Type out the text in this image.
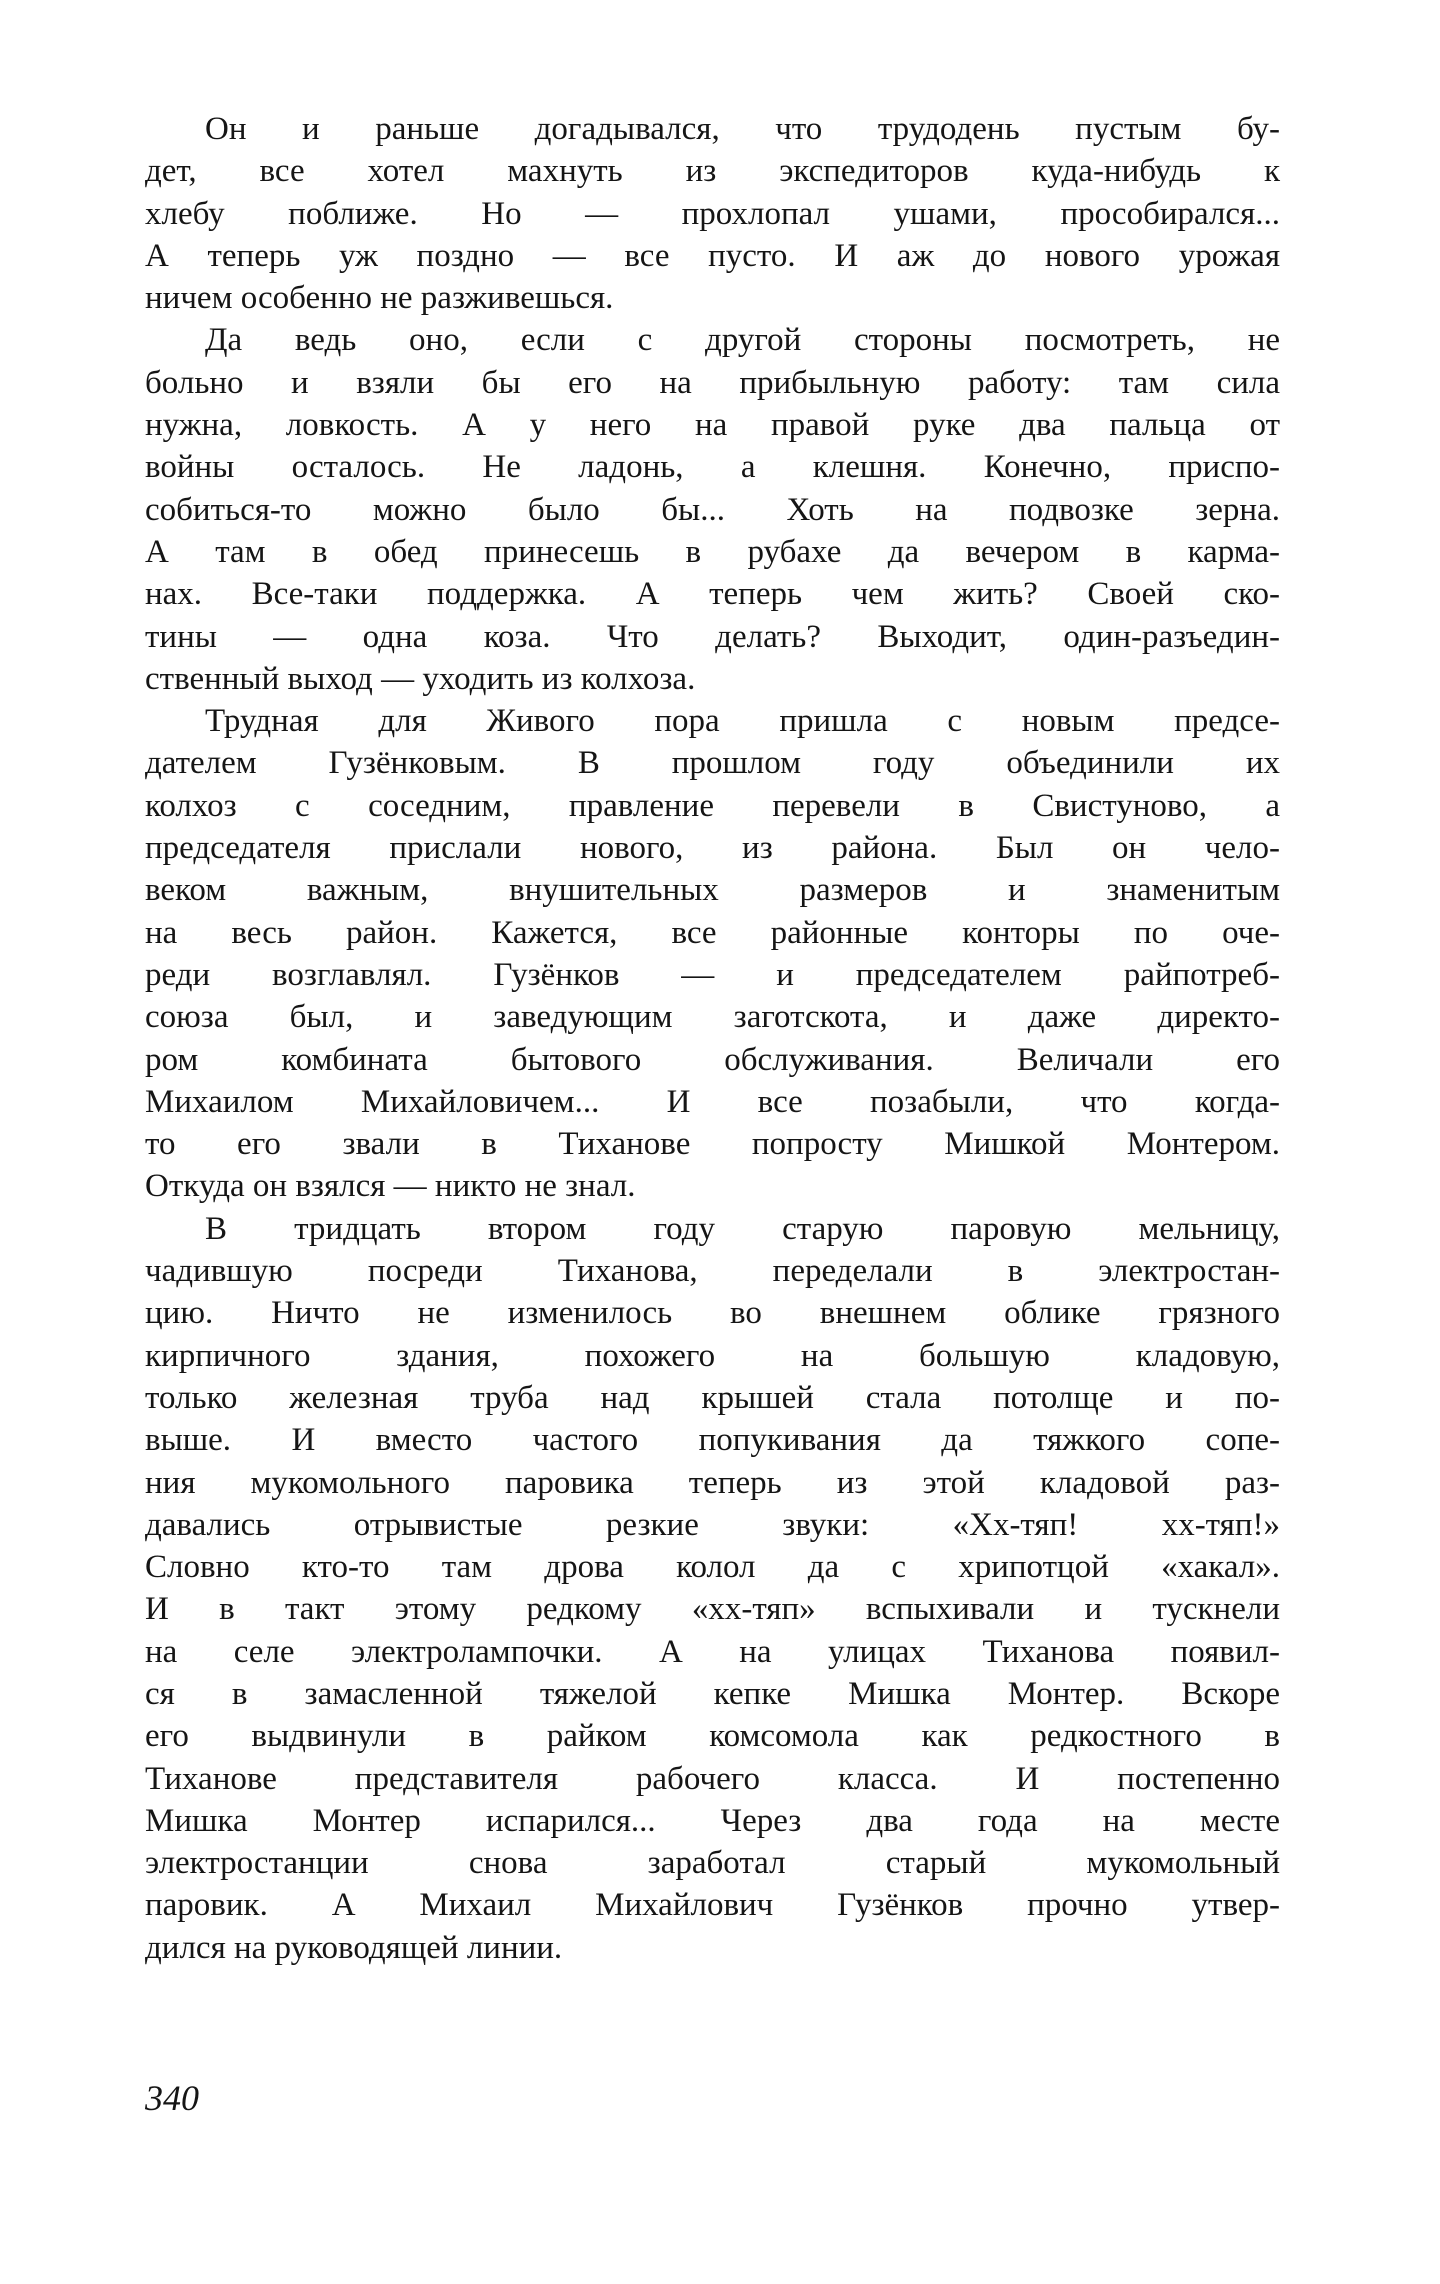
Он и раньше догадывался, что трудодень пустым бу-
дет, все хотел махнуть из экспедиторов куда-нибудь к
хлебу поближе. Но — прохлопал ушами, прособирался...
А теперь уж поздно — все пусто. И аж до нового урожая
ничем особенно не разживешься.

Да ведь оно, если с другой стороны посмотреть, не
больно и взяли бы его на прибыльную работу: там сила
нужна, ловкость. А у него на правой руке два пальца от
войны осталось. Не ладонь, а клешня. Конечно, приспо-
собиться-то можно было бы... Хоть на подвозке зерна.
А там в обед принесешь в рубахе да вечером в карма-
нах. Все-таки поддержка. А теперь чем жить? Своей ско-
тины — одна коза. Что делать? Выходит, один-разъедин-
ственный выход — уходить из колхоза.

Трудная для Живого пора пришла с новым предсе-
дателем Гузёнковым. В прошлом году объединили их
колхоз с соседним, правление перевели в Свистуново, а
председателя прислали нового, из района. Был он чело-
веком важным, внушительных размеров и знаменитым
на весь район. Кажется, все районные конторы по оче-
реди возглавлял. Гузёнков — и председателем райпотреб-
союза был, и заведующим заготскота, и даже директо-
ром комбината бытового обслуживания. Величали его
Михаилом Михайловичем... И все позабыли, что когда-
то его звали в Тиханове попросту Мишкой Монтером.
Откуда он взялся — никто не знал.

В тридцать втором году старую паровую мельницу,
чадившую посреди Тиханова, переделали в электростан-
цию. Ничто не изменилось во внешнем облике грязного
кирпичного здания, похожего на большую кладовую,
только железная труба над крышей стала потолще и по-
выше. И вместо частого попукивания да тяжкого сопе-
ния мукомольного паровика теперь из этой кладовой раз-
давались отрывистые резкие звуки: «Хх-тяп! хх-тяп!»
Словно кто-то там дрова колол да с хрипотцой «хакал».
И в такт этому редкому «хх-тяп» вспыхивали и тускнели
на селе электролампочки. А на улицах Тиханова появил-
ся в замасленной тяжелой кепке Мишка Монтер. Вскоре
его выдвинули в райком комсомола как редкостного в
Тиханове представителя рабочего класса. И постепенно
Мишка Монтер испарился... Через два года на месте
электростанции снова заработал старый мукомольный
паровик. А Михаил Михайлович Гузёнков прочно утвер-
дился на руководящей линии.

340
